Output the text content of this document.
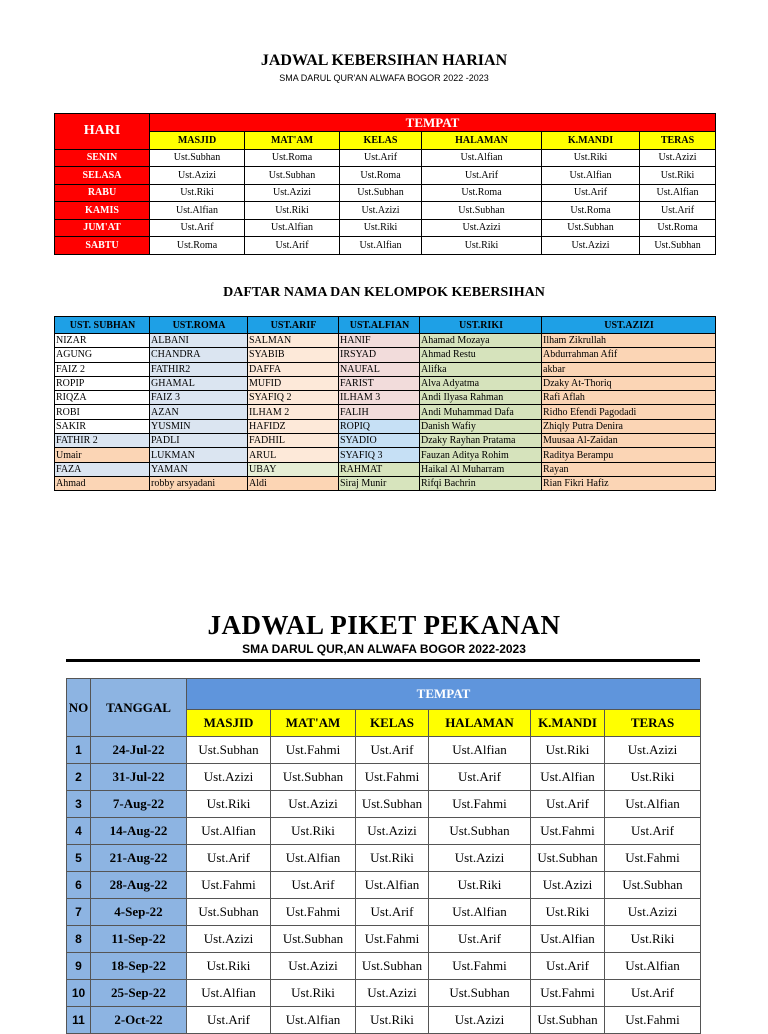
JADWAL KEBERSIHAN HARIAN
SMA DARUL QUR'AN ALWAFA BOGOR 2022 -2023
HARI	TEMPAT					
	MASJID	MAT'AM	KELAS	HALAMAN	K.MANDI	TERAS
SENIN	Ust.Subhan	Ust.Roma	Ust.Arif	Ust.Alfian	Ust.Riki	Ust.Azizi
SELASA	Ust.Azizi	Ust.Subhan	Ust.Roma	Ust.Arif	Ust.Alfian	Ust.Riki
RABU	Ust.Riki	Ust.Azizi	Ust.Subhan	Ust.Roma	Ust.Arif	Ust.Alfian
KAMIS	Ust.Alfian	Ust.Riki	Ust.Azizi	Ust.Subhan	Ust.Roma	Ust.Arif
JUM'AT	Ust.Arif	Ust.Alfian	Ust.Riki	Ust.Azizi	Ust.Subhan	Ust.Roma
SABTU	Ust.Roma	Ust.Arif	Ust.Alfian	Ust.Riki	Ust.Azizi	Ust.Subhan
DAFTAR NAMA DAN KELOMPOK KEBERSIHAN
UST. SUBHAN	UST.ROMA	UST.ARIF	UST.ALFIAN	UST.RIKI	UST.AZIZI
NIZAR	ALBANI	SALMAN	HANIF	Ahamad Mozaya	Ilham Zikrullah
AGUNG	CHANDRA	SYABIB	IRSYAD	Ahmad Restu	Abdurrahman Afif
FAIZ 2	FATHIR2	DAFFA	NAUFAL	Alifka	akbar
ROPIP	GHAMAL	MUFID	FARIST	Alva Adyatma	Dzaky At-Thoriq
RIQZA	FAIZ 3	SYAFIQ 2	ILHAM 3	Andi Ilyasa Rahman	Rafi Aflah
ROBI	AZAN	ILHAM 2	FALIH	Andi Muhammad Dafa	Ridho Efendi Pagodadi
SAKIR	YUSMIN	HAFIDZ	ROPIQ	Danish Wafiy	Zhiqly Putra Denira
FATHIR 2	PADLI	FADHIL	SYADIO	Dzaky Rayhan Pratama	Muusaa Al-Zaidan
Umair	LUKMAN	ARUL	SYAFIQ 3	Fauzan Aditya Rohim	Raditya Berampu
FAZA	YAMAN	UBAY	RAHMAT	Haikal Al Muharram	Rayan
Ahmad	robby arsyadani	Aldi	Siraj Munir	Rifqi Bachrin	Rian Fikri Hafiz
JADWAL PIKET PEKANAN
SMA DARUL QUR,AN ALWAFA BOGOR 2022-2023
NO	TANGGAL	TEMPAT					
		MASJID	MAT'AM	KELAS	HALAMAN	K.MANDI	TERAS
1	24-Jul-22	Ust.Subhan	Ust.Fahmi	Ust.Arif	Ust.Alfian	Ust.Riki	Ust.Azizi
2	31-Jul-22	Ust.Azizi	Ust.Subhan	Ust.Fahmi	Ust.Arif	Ust.Alfian	Ust.Riki
3	7-Aug-22	Ust.Riki	Ust.Azizi	Ust.Subhan	Ust.Fahmi	Ust.Arif	Ust.Alfian
4	14-Aug-22	Ust.Alfian	Ust.Riki	Ust.Azizi	Ust.Subhan	Ust.Fahmi	Ust.Arif
5	21-Aug-22	Ust.Arif	Ust.Alfian	Ust.Riki	Ust.Azizi	Ust.Subhan	Ust.Fahmi
6	28-Aug-22	Ust.Fahmi	Ust.Arif	Ust.Alfian	Ust.Riki	Ust.Azizi	Ust.Subhan
7	4-Sep-22	Ust.Subhan	Ust.Fahmi	Ust.Arif	Ust.Alfian	Ust.Riki	Ust.Azizi
8	11-Sep-22	Ust.Azizi	Ust.Subhan	Ust.Fahmi	Ust.Arif	Ust.Alfian	Ust.Riki
9	18-Sep-22	Ust.Riki	Ust.Azizi	Ust.Subhan	Ust.Fahmi	Ust.Arif	Ust.Alfian
10	25-Sep-22	Ust.Alfian	Ust.Riki	Ust.Azizi	Ust.Subhan	Ust.Fahmi	Ust.Arif
11	2-Oct-22	Ust.Arif	Ust.Alfian	Ust.Riki	Ust.Azizi	Ust.Subhan	Ust.Fahmi
